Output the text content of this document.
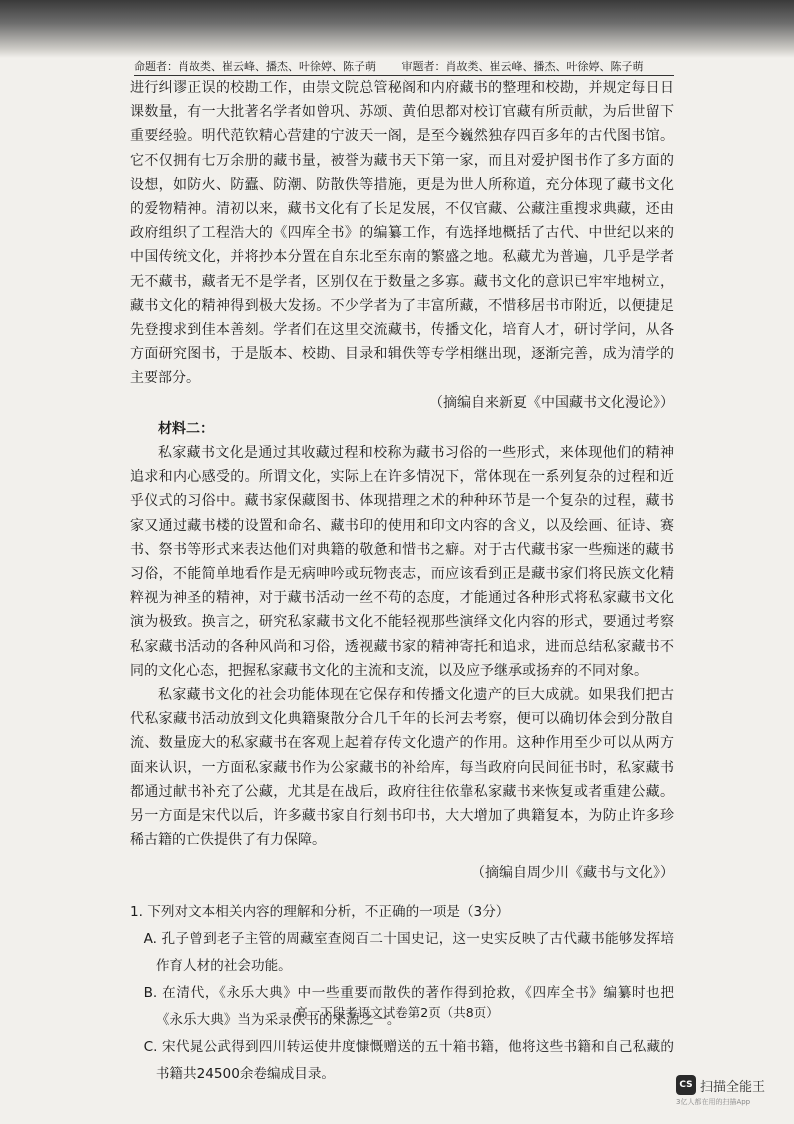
命题者：肖故类、崔云峰、播杰、叶徐婷、陈子萌 审题者：肖故类、崔云峰、播杰、叶徐婷、陈子萌

进行纠谬正误的校勘工作，由崇文院总管秘阁和内府藏书的整理和校勘，并规定每日日课数量，有一大批著名学者如曾巩、苏颂、黄伯思都对校订官藏有所贡献，为后世留下重要经验。明代范钦精心营建的宁波天一阁，是至今巍然独存四百多年的古代图书馆。它不仅拥有七万余册的藏书量，被誉为藏书天下第一家，而且对爱护图书作了多方面的设想，如防火、防蠹、防潮、防散佚等措施，更是为世人所称道，充分体现了藏书文化的爱物精神。清初以来，藏书文化有了长足发展，不仅官藏、公藏注重搜求典藏，还由政府组织了工程浩大的《四库全书》的编纂工作，有选择地概括了古代、中世纪以来的中国传统文化，并将抄本分置在自东北至东南的繁盛之地。私藏尤为普遍，几乎是学者无不藏书，藏者无不是学者，区别仅在于数量之多寡。藏书文化的意识已牢牢地树立，藏书文化的精神得到极大发扬。不少学者为了丰富所藏，不惜移居书市附近，以便捷足先登搜求到佳本善刻。学者们在这里交流藏书，传播文化，培育人才，研讨学问，从各方面研究图书，于是版本、校勘、目录和辑佚等专学相继出现，逐渐完善，成为清学的主要部分。

（摘编自来新夏《中国藏书文化漫论》）

材料二：

私家藏书文化是通过其收藏过程和校称为藏书习俗的一些形式，来体现他们的精神追求和内心感受的。所谓文化，实际上在许多情况下，常体现在一系列复杂的过程和近乎仪式的习俗中。藏书家保藏图书、体现措理之术的种种环节是一个复杂的过程，藏书家又通过藏书楼的设置和命名、藏书印的使用和印文内容的含义，以及绘画、征诗、赛书、祭书等形式来表达他们对典籍的敬惫和惜书之癖。对于古代藏书家一些痴迷的藏书习俗，不能简单地看作是无病呻吟或玩物丧志，而应该看到正是藏书家们将民族文化精粹视为神圣的精神，对于藏书活动一丝不苟的态度，才能通过各种形式将私家藏书文化演为极致。换言之，研究私家藏书文化不能轻视那些演绎文化内容的形式，要通过考察私家藏书活动的各种风尚和习俗，透视藏书家的精神寄托和追求，进而总结私家藏书不同的文化心态，把握私家藏书文化的主流和支流，以及应予继承或扬弃的不同对象。

私家藏书文化的社会功能体现在它保存和传播文化遗产的巨大成就。如果我们把古代私家藏书活动放到文化典籍聚散分合几千年的长河去考察，便可以确切体会到分散自流、数量庞大的私家藏书在客观上起着存传文化遗产的作用。这种作用至少可以从两方面来认识，一方面私家藏书作为公家藏书的补给库，每当政府向民间征书时，私家藏书都通过献书补充了公藏，尤其是在战后，政府往往依靠私家藏书来恢复或者重建公藏。另一方面是宋代以后，许多藏书家自行刻书印书，大大增加了典籍复本，为防止许多珍稀古籍的亡佚提供了有力保障。

（摘编自周少川《藏书与文化》）

1. 下列对文本相关内容的理解和分析，不正确的一项是（3分）

A. 孔子曾到老子主管的周藏室查阅百二十国史记，这一史实反映了古代藏书能够发挥培作育人材的社会功能。

B. 在清代，《永乐大典》中一些重要而散佚的著作得到抢救，《四库全书》编纂时也把《永乐大典》当为采录佚书的来源之一。

C. 宋代晁公武得到四川转运使井度慷慨赠送的五十箱书籍，他将这些书籍和自己私藏的书籍共24500余卷编成目录。

高一下段考语文试卷第2页（共8页）
CS 扫描全能王
3亿人都在用的扫描App
